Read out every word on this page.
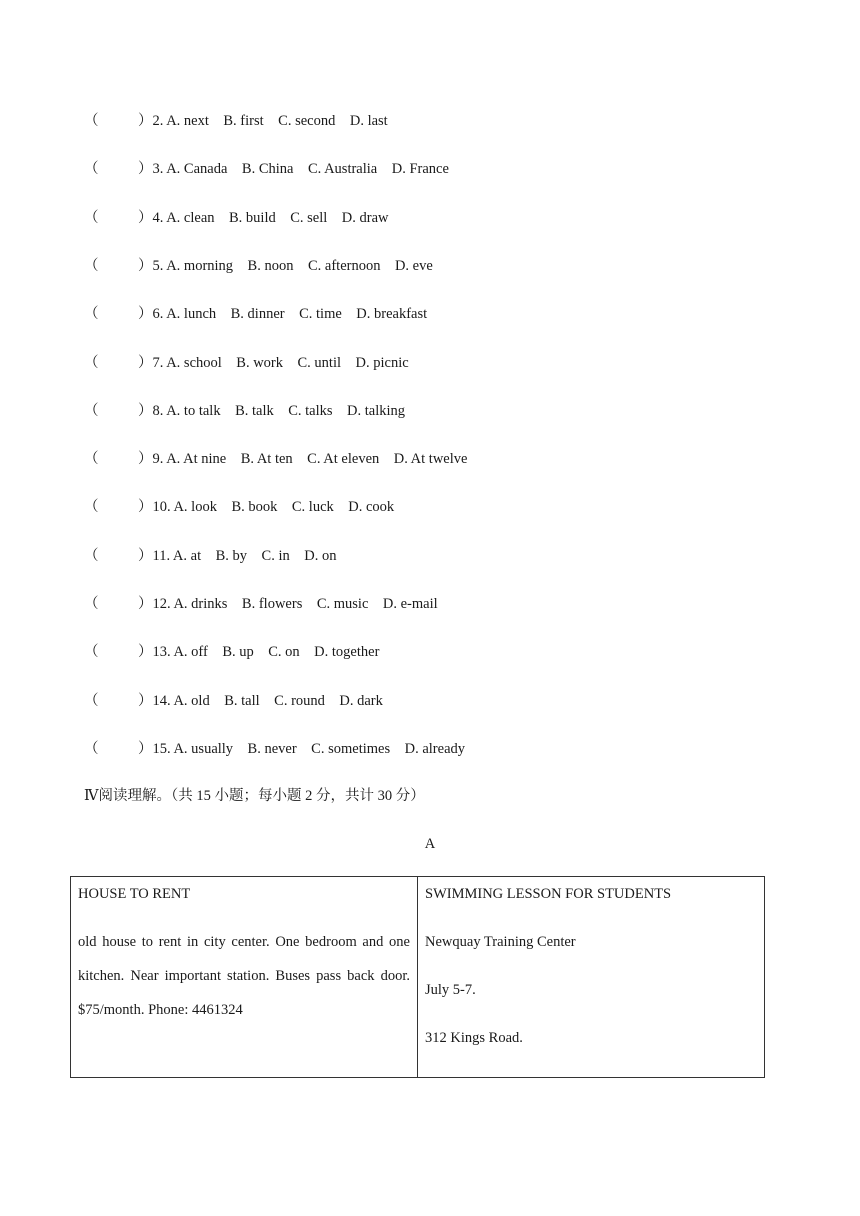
（	）2. A. next    B. first    C. second    D. last
（	）3. A. Canada    B. China    C. Australia    D. France
（	）4. A. clean    B. build    C. sell    D. draw
（	）5. A. morning    B. noon    C. afternoon    D. eve
（	）6. A. lunch    B. dinner    C. time    D. breakfast
（	）7. A. school    B. work    C. until    D. picnic
（	）8. A. to talk    B. talk    C. talks    D. talking
（	）9. A. At nine    B. At ten    C. At eleven    D. At twelve
（	）10. A. look    B. book    C. luck    D. cook
（	）11. A. at    B. by    C. in    D. on
（	）12. A. drinks    B. flowers    C. music    D. e-mail
（	）13. A. off    B. up    C. on    D. together
（	）14. A. old    B. tall    C. round    D. dark
（	）15. A. usually    B. never    C. sometimes    D. already
Ⅳ阅读理解。（共 15 小题；每小题 2 分，共计 30 分）
A
HOUSE TO RENT
old house to rent in city center. One bedroom and one kitchen. Near important station. Buses pass back door. $75/month. Phone: 4461324

SWIMMING LESSON FOR STUDENTS
Newquay Training Center
July 5-7.
312 Kings Road.
